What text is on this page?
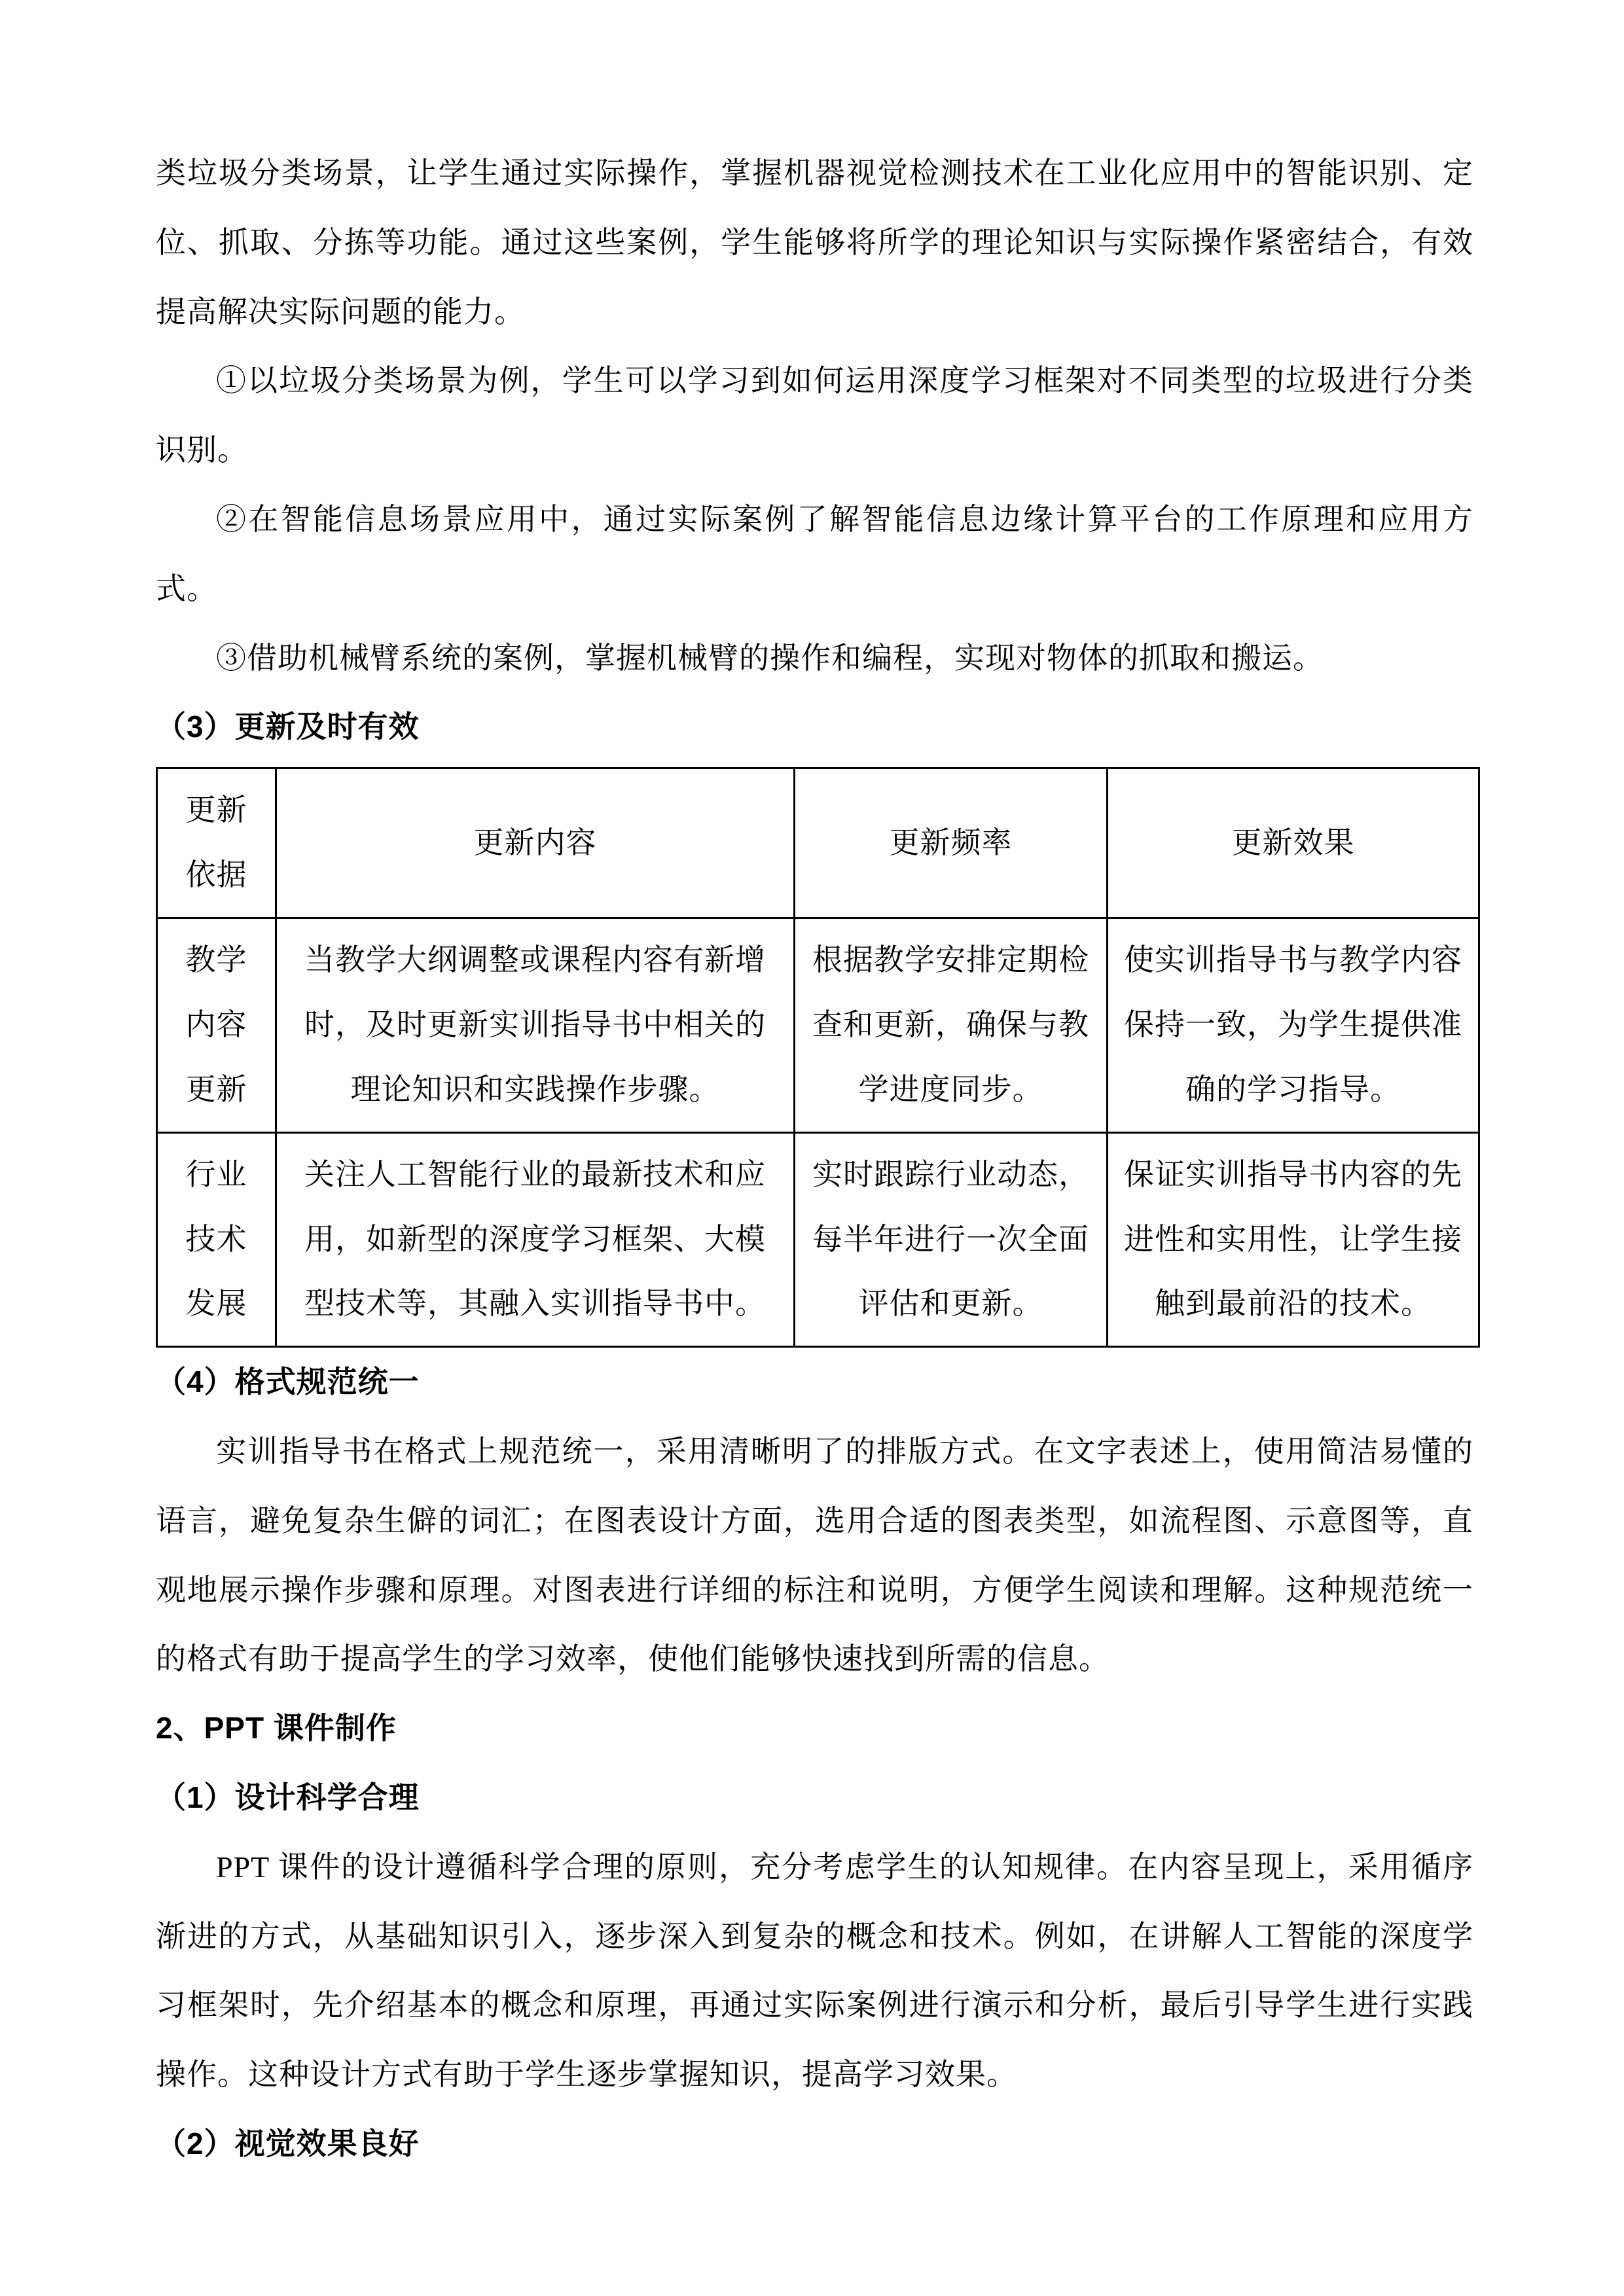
类垃圾分类场景，让学生通过实际操作，掌握机器视觉检测技术在工业化应用中的智能识别、定位、抓取、分拣等功能。通过这些案例，学生能够将所学的理论知识与实际操作紧密结合，有效提高解决实际问题的能力。

①以垃圾分类场景为例，学生可以学习到如何运用深度学习框架对不同类型的垃圾进行分类识别。

②在智能信息场景应用中，通过实际案例了解智能信息边缘计算平台的工作原理和应用方式。

③借助机械臂系统的案例，掌握机械臂的操作和编程，实现对物体的抓取和搬运。

（3）更新及时有效

更新依据	更新内容	更新频率	更新效果
教学内容更新	当教学大纲调整或课程内容有新增时，及时更新实训指导书中相关的理论知识和实践操作步骤。	根据教学安排定期检查和更新，确保与教学进度同步。	使实训指导书与教学内容保持一致，为学生提供准确的学习指导。
行业技术发展	关注人工智能行业的最新技术和应用，如新型的深度学习框架、大模型技术等，其融入实训指导书中。	实时跟踪行业动态，每半年进行一次全面评估和更新。	保证实训指导书内容的先进性和实用性，让学生接触到最前沿的技术。

（4）格式规范统一

实训指导书在格式上规范统一，采用清晰明了的排版方式。在文字表述上，使用简洁易懂的语言，避免复杂生僻的词汇；在图表设计方面，选用合适的图表类型，如流程图、示意图等，直观地展示操作步骤和原理。对图表进行详细的标注和说明，方便学生阅读和理解。这种规范统一的格式有助于提高学生的学习效率，使他们能够快速找到所需的信息。

2、PPT 课件制作

（1）设计科学合理

PPT 课件的设计遵循科学合理的原则，充分考虑学生的认知规律。在内容呈现上，采用循序渐进的方式，从基础知识引入，逐步深入到复杂的概念和技术。例如，在讲解人工智能的深度学习框架时，先介绍基本的概念和原理，再通过实际案例进行演示和分析，最后引导学生进行实践操作。这种设计方式有助于学生逐步掌握知识，提高学习效果。

（2）视觉效果良好
